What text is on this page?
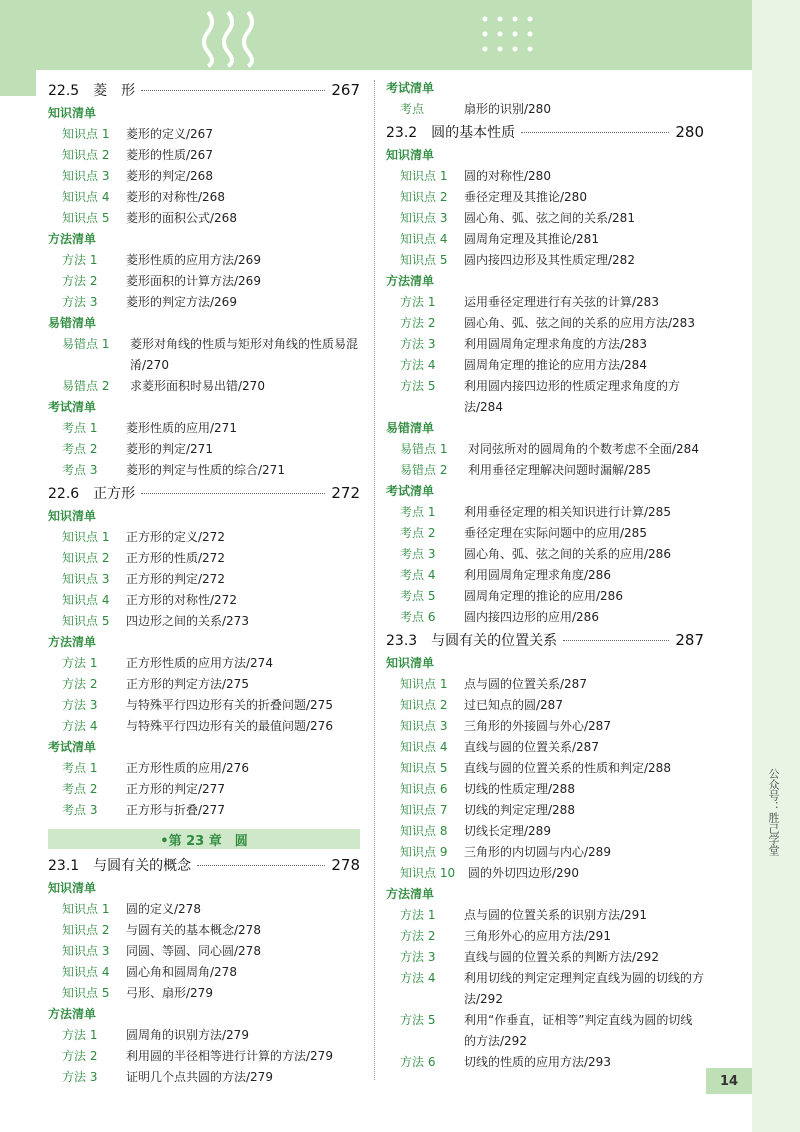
公众号：胜己学堂
14
22.5　菱　形	267
知识清单
知识点 1	菱形的定义/267
知识点 2	菱形的性质/267
知识点 3	菱形的判定/268
知识点 4	菱形的对称性/268
知识点 5	菱形的面积公式/268
方法清单
方法 1	菱形性质的应用方法/269
方法 2	菱形面积的计算方法/269
方法 3	菱形的判定方法/269
易错清单
易错点 1	菱形对角线的性质与矩形对角线的性质易混淆/270
易错点 2	求菱形面积时易出错/270
考试清单
考点 1	菱形性质的应用/271
考点 2	菱形的判定/271
考点 3	菱形的判定与性质的综合/271
22.6　正方形	272
知识清单
知识点 1	正方形的定义/272
知识点 2	正方形的性质/272
知识点 3	正方形的判定/272
知识点 4	正方形的对称性/272
知识点 5	四边形之间的关系/273
方法清单
方法 1	正方形性质的应用方法/274
方法 2	正方形的判定方法/275
方法 3	与特殊平行四边形有关的折叠问题/275
方法 4	与特殊平行四边形有关的最值问题/276
考试清单
考点 1	正方形性质的应用/276
考点 2	正方形的判定/277
考点 3	正方形与折叠/277
•第 23 章　圆
23.1　与圆有关的概念	278
知识清单
知识点 1	圆的定义/278
知识点 2	与圆有关的基本概念/278
知识点 3	同圆、等圆、同心圆/278
知识点 4	圆心角和圆周角/278
知识点 5	弓形、扇形/279
方法清单
方法 1	圆周角的识别方法/279
方法 2	利用圆的半径相等进行计算的方法/279
方法 3	证明几个点共圆的方法/279
考试清单
考点	扇形的识别/280
23.2　圆的基本性质	280
知识清单
知识点 1	圆的对称性/280
知识点 2	垂径定理及其推论/280
知识点 3	圆心角、弧、弦之间的关系/281
知识点 4	圆周角定理及其推论/281
知识点 5	圆内接四边形及其性质定理/282
方法清单
方法 1	运用垂径定理进行有关弦的计算/283
方法 2	圆心角、弧、弦之间的关系的应用方法/283
方法 3	利用圆周角定理求角度的方法/283
方法 4	圆周角定理的推论的应用方法/284
方法 5	利用圆内接四边形的性质定理求角度的方法/284
易错清单
易错点 1	对同弦所对的圆周角的个数考虑不全面/284
易错点 2	利用垂径定理解决问题时漏解/285
考试清单
考点 1	利用垂径定理的相关知识进行计算/285
考点 2	垂径定理在实际问题中的应用/285
考点 3	圆心角、弧、弦之间的关系的应用/286
考点 4	利用圆周角定理求角度/286
考点 5	圆周角定理的推论的应用/286
考点 6	圆内接四边形的应用/286
23.3　与圆有关的位置关系	287
知识清单
知识点 1	点与圆的位置关系/287
知识点 2	过已知点的圆/287
知识点 3	三角形的外接圆与外心/287
知识点 4	直线与圆的位置关系/287
知识点 5	直线与圆的位置关系的性质和判定/288
知识点 6	切线的性质定理/288
知识点 7	切线的判定定理/288
知识点 8	切线长定理/289
知识点 9	三角形的内切圆与内心/289
知识点 10	圆的外切四边形/290
方法清单
方法 1	点与圆的位置关系的识别方法/291
方法 2	三角形外心的应用方法/291
方法 3	直线与圆的位置关系的判断方法/292
方法 4	利用切线的判定定理判定直线为圆的切线的方法/292
方法 5	利用“作垂直，证相等”判定直线为圆的切线的方法/292
方法 6	切线的性质的应用方法/293
